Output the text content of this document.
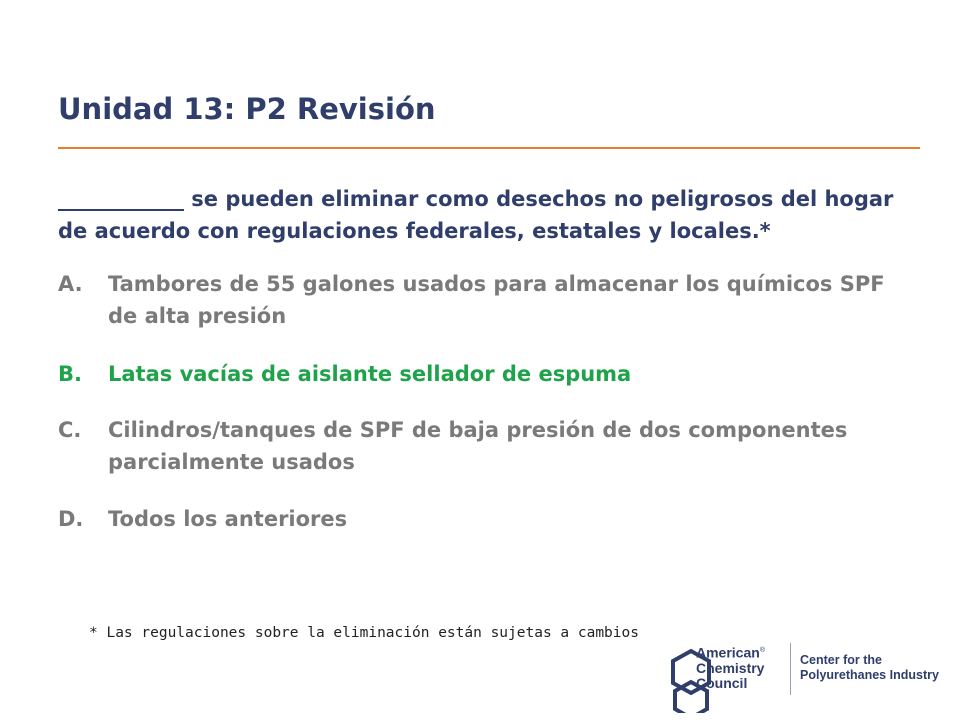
Unidad 13: P2 Revisión

____________ se pueden eliminar como desechos no peligrosos del hogar de acuerdo con regulaciones federales, estatales y locales.*

A. Tambores de 55 galones usados para almacenar los químicos SPF de alta presión
B. Latas vacías de aislante sellador de espuma
C. Cilindros/tanques de SPF de baja presión de dos componentes parcialmente usados
D. Todos los anteriores

* Las regulaciones sobre la eliminación están sujetas a cambios

American®
Chemistry
Council
Center for the
Polyurethanes Industry
